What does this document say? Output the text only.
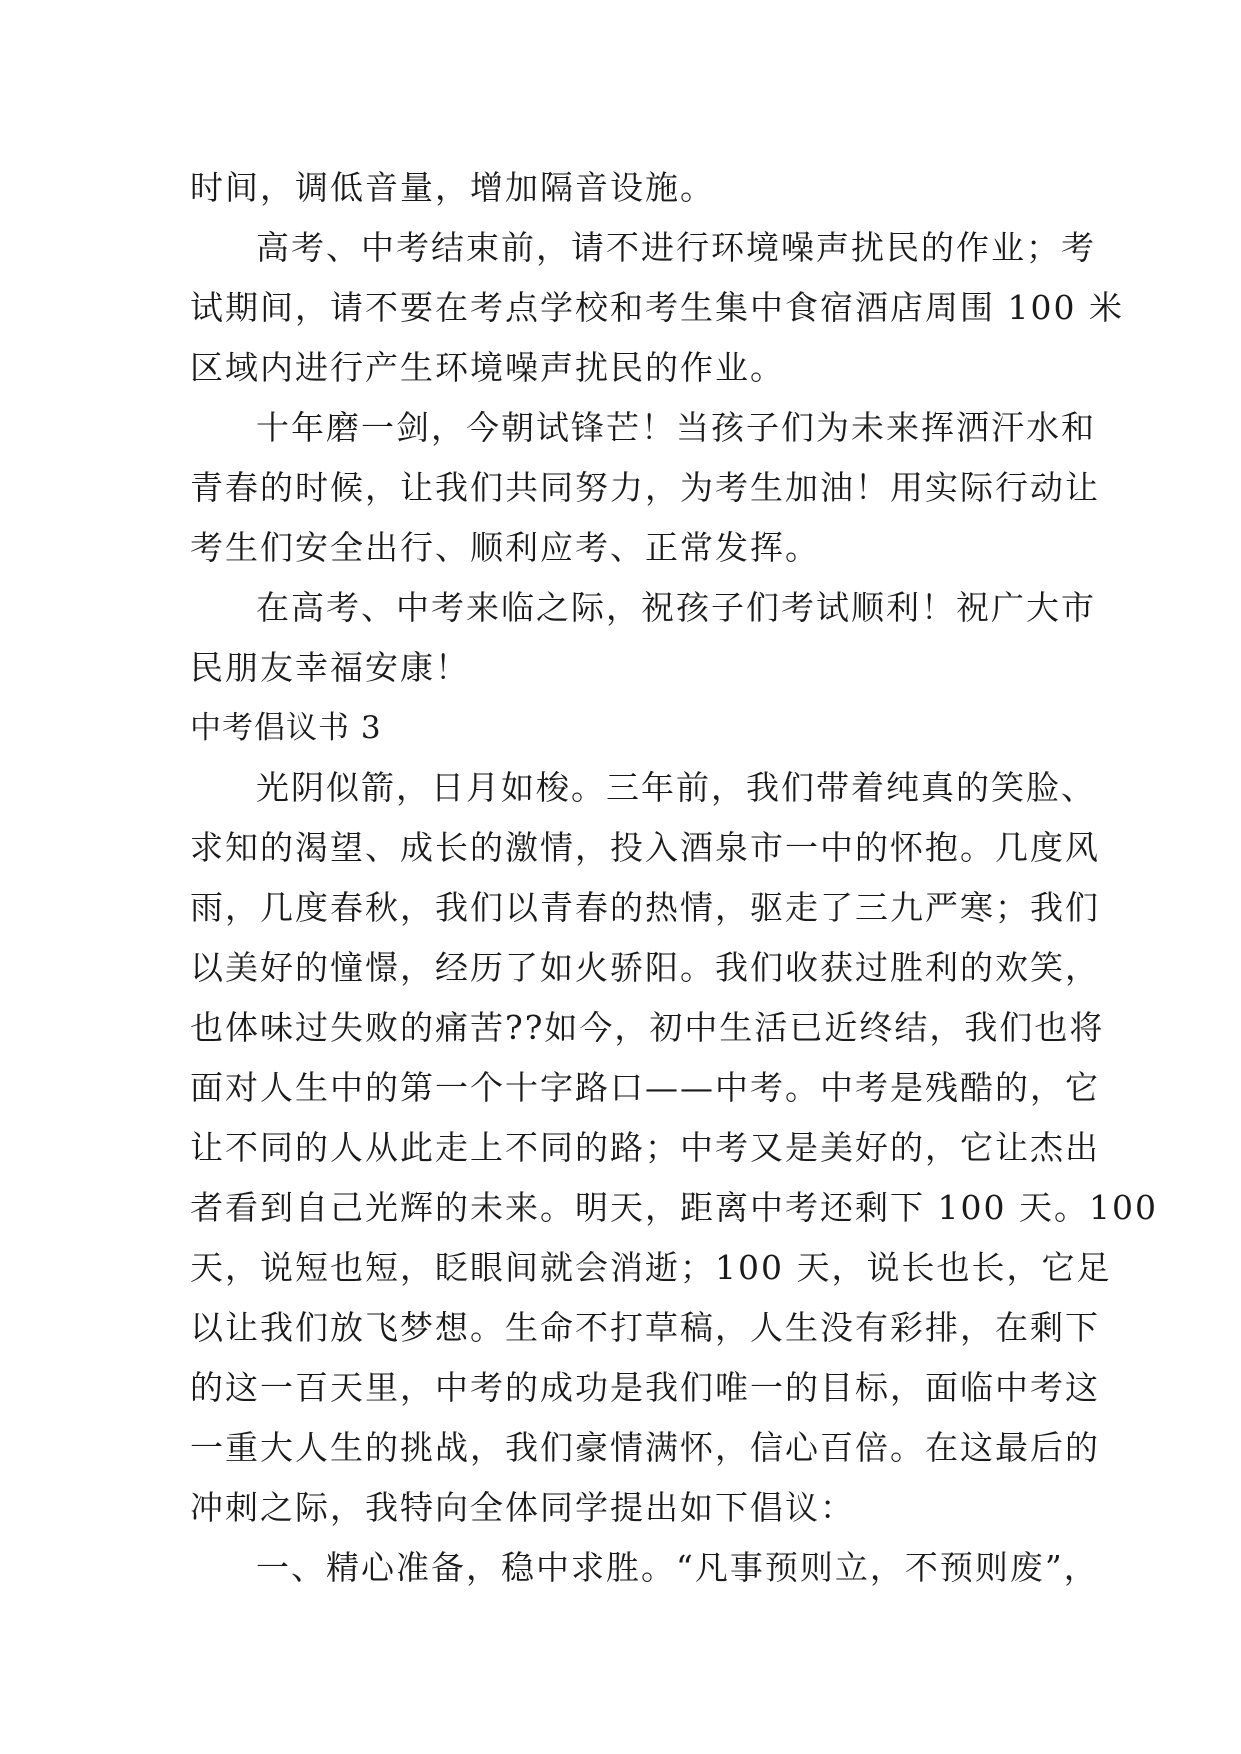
时间，调低音量，增加隔音设施。
高考、中考结束前，请不进行环境噪声扰民的作业；考
试期间，请不要在考点学校和考生集中食宿酒店周围 100 米
区域内进行产生环境噪声扰民的作业。
十年磨一剑，今朝试锋芒！当孩子们为未来挥洒汗水和
青春的时候，让我们共同努力，为考生加油！用实际行动让
考生们安全出行、顺利应考、正常发挥。
在高考、中考来临之际，祝孩子们考试顺利！祝广大市
民朋友幸福安康！
中考倡议书 3
光阴似箭，日月如梭。三年前，我们带着纯真的笑脸、
求知的渴望、成长的激情，投入酒泉市一中的怀抱。几度风
雨，几度春秋，我们以青春的热情，驱走了三九严寒；我们
以美好的憧憬，经历了如火骄阳。我们收获过胜利的欢笑，
也体味过失败的痛苦??如今，初中生活已近终结，我们也将
面对人生中的第一个十字路口——中考。中考是残酷的，它
让不同的人从此走上不同的路；中考又是美好的，它让杰出
者看到自己光辉的未来。明天，距离中考还剩下 100 天。100
天，说短也短，眨眼间就会消逝；100 天，说长也长，它足
以让我们放飞梦想。生命不打草稿，人生没有彩排，在剩下
的这一百天里，中考的成功是我们唯一的目标，面临中考这
一重大人生的挑战，我们豪情满怀，信心百倍。在这最后的
冲刺之际，我特向全体同学提出如下倡议：
一、精心准备，稳中求胜。“凡事预则立，不预则废”，
